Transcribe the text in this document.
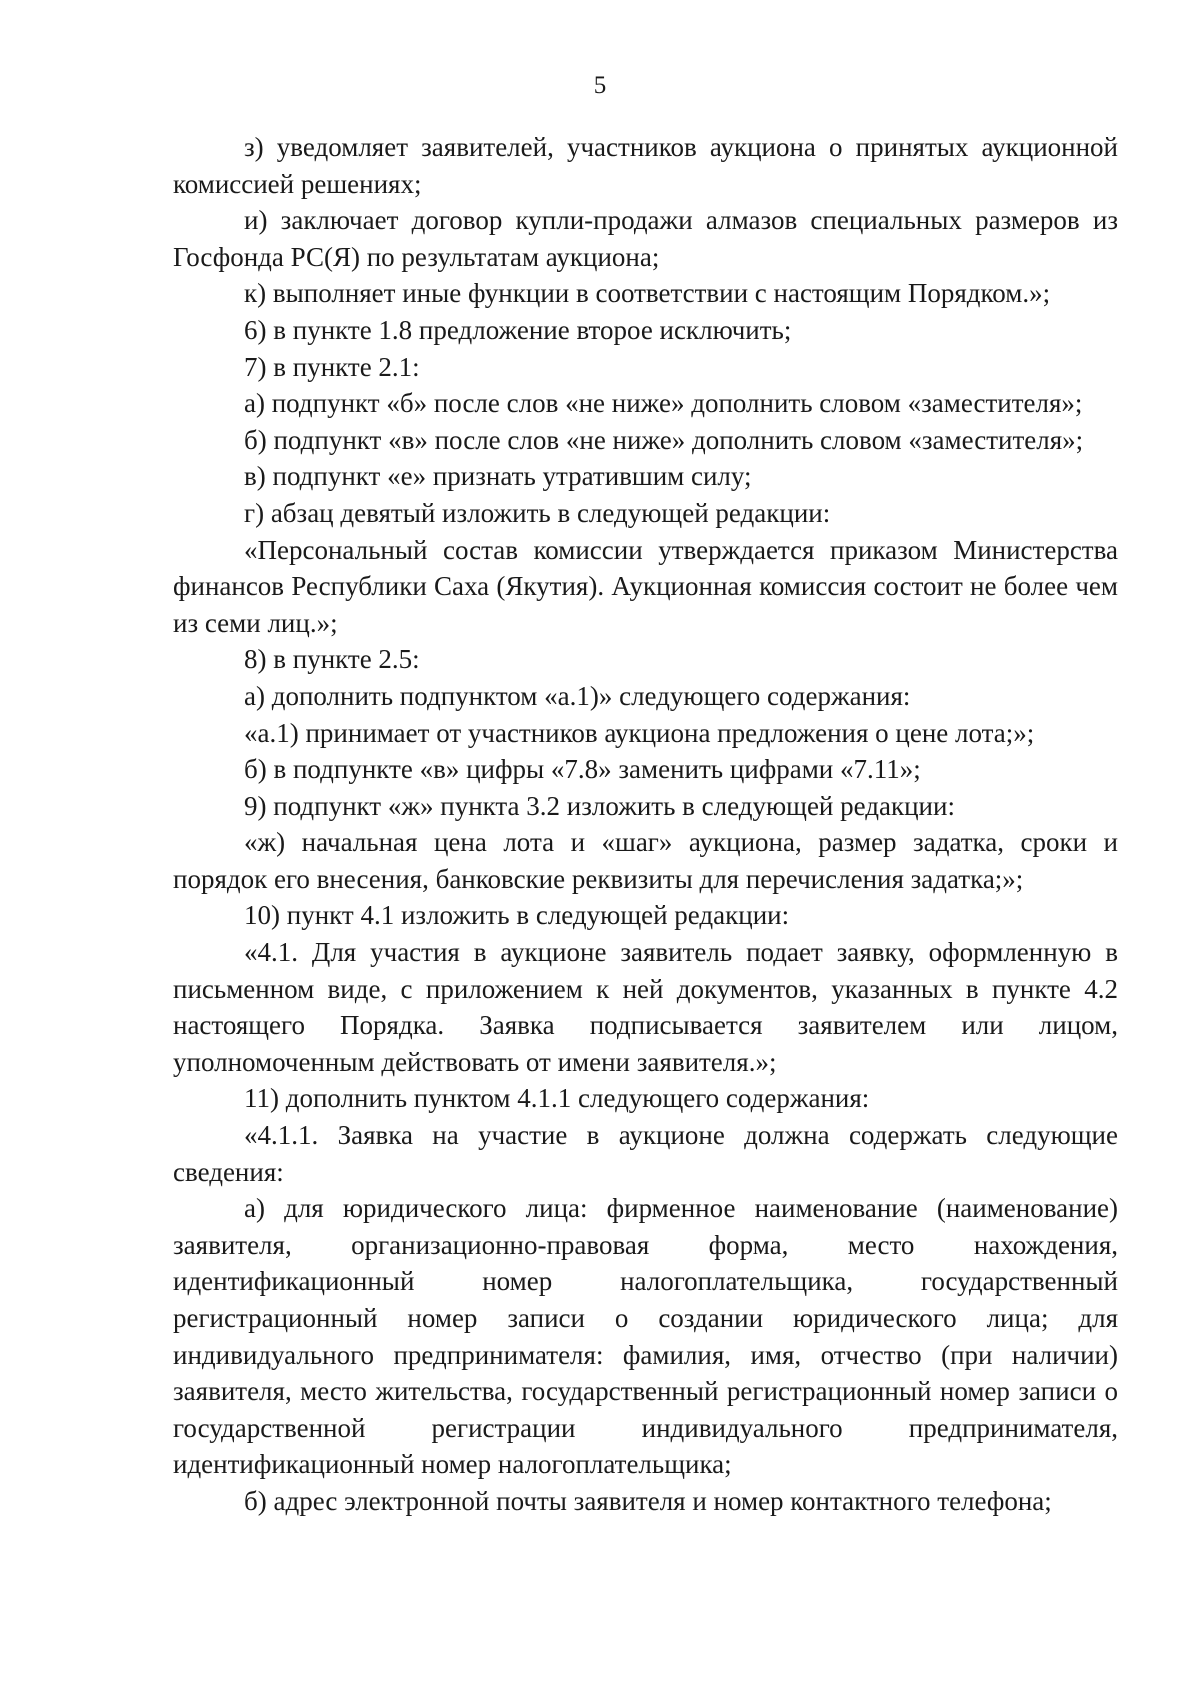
5

з) уведомляет заявителей, участников аукциона о принятых аукционной комиссией решениях;

и) заключает договор купли-продажи алмазов специальных размеров из Госфонда РС(Я) по результатам аукциона;

к) выполняет иные функции в соответствии с настоящим Порядком.»;

6) в пункте 1.8 предложение второе исключить;

7) в пункте 2.1:

а) подпункт «б» после слов «не ниже» дополнить словом «заместителя»;

б) подпункт «в» после слов «не ниже» дополнить словом «заместителя»;

в) подпункт «е» признать утратившим силу;

г) абзац девятый изложить в следующей редакции:

«Персональный состав комиссии утверждается приказом Министерства финансов Республики Саха (Якутия). Аукционная комиссия состоит не более чем из семи лиц.»;

8) в пункте 2.5:

а) дополнить подпунктом «а.1)» следующего содержания:

«а.1) принимает от участников аукциона предложения о цене лота;»;

б) в подпункте «в» цифры «7.8» заменить цифрами «7.11»;

9) подпункт «ж» пункта 3.2 изложить в следующей редакции:

«ж) начальная цена лота и «шаг» аукциона, размер задатка, сроки и порядок его внесения, банковские реквизиты для перечисления задатка;»;

10) пункт 4.1 изложить в следующей редакции:

«4.1. Для участия в аукционе заявитель подает заявку, оформленную в письменном виде, с приложением к ней документов, указанных в пункте 4.2 настоящего Порядка. Заявка подписывается заявителем или лицом, уполномоченным действовать от имени заявителя.»;

11) дополнить пунктом 4.1.1 следующего содержания:

«4.1.1. Заявка на участие в аукционе должна содержать следующие сведения:

а) для юридического лица: фирменное наименование (наименование) заявителя, организационно-правовая форма, место нахождения, идентификационный номер налогоплательщика, государственный регистрационный номер записи о создании юридического лица; для индивидуального предпринимателя: фамилия, имя, отчество (при наличии) заявителя, место жительства, государственный регистрационный номер записи о государственной регистрации индивидуального предпринимателя, идентификационный номер налогоплательщика;

б) адрес электронной почты заявителя и номер контактного телефона;
